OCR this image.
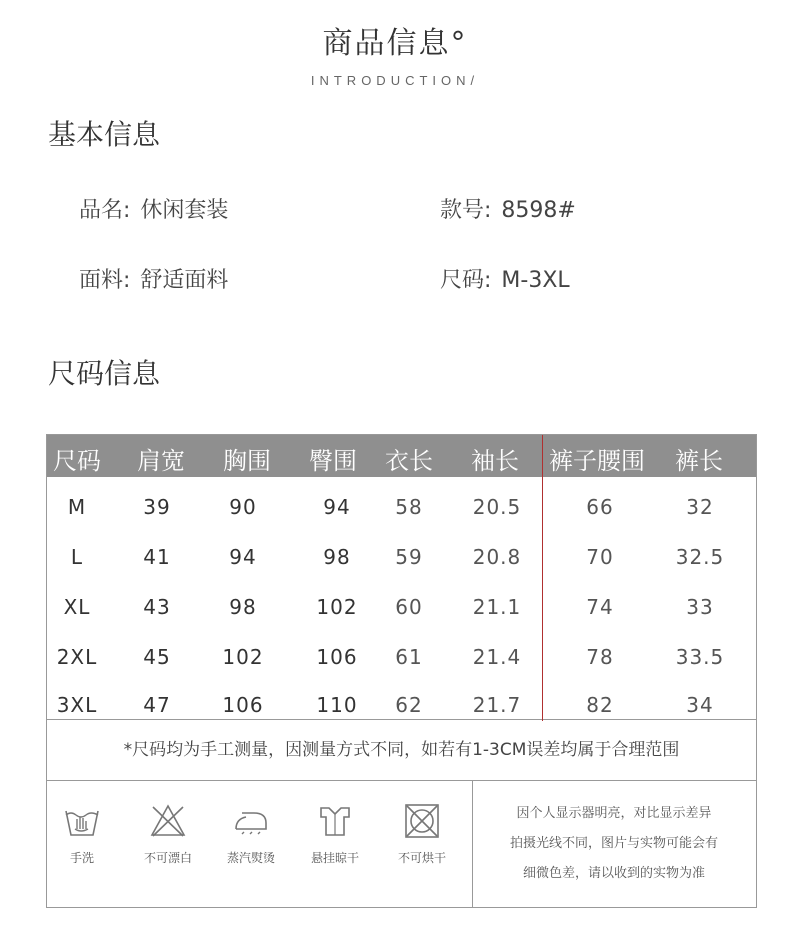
商品信息°
INTRODUCTION/
基本信息
品名: 休闲套装	款号: 8598#
面料: 舒适面料	尺码: M-3XL
尺码信息
尺码 肩宽 胸围 臀围 衣长 袖长 裤子腰围 裤长
M	39	90	94	58	20.5	66	32
L	41	94	98	59	20.8	70	32.5
XL	43	98	102	60	21.1	74	33
2XL	45	102	106	61	21.4	78	33.5
3XL	47	106	110	62	21.7	82	34
*尺码均为手工测量，因测量方式不同，如若有1-3CM误差均属于合理范围
手洗	不可漂白	蒸汽熨烫	悬挂晾干	不可烘干
因个人显示器明亮，对比显示差异
拍摄光线不同，图片与实物可能会有
细微色差，请以收到的实物为准
